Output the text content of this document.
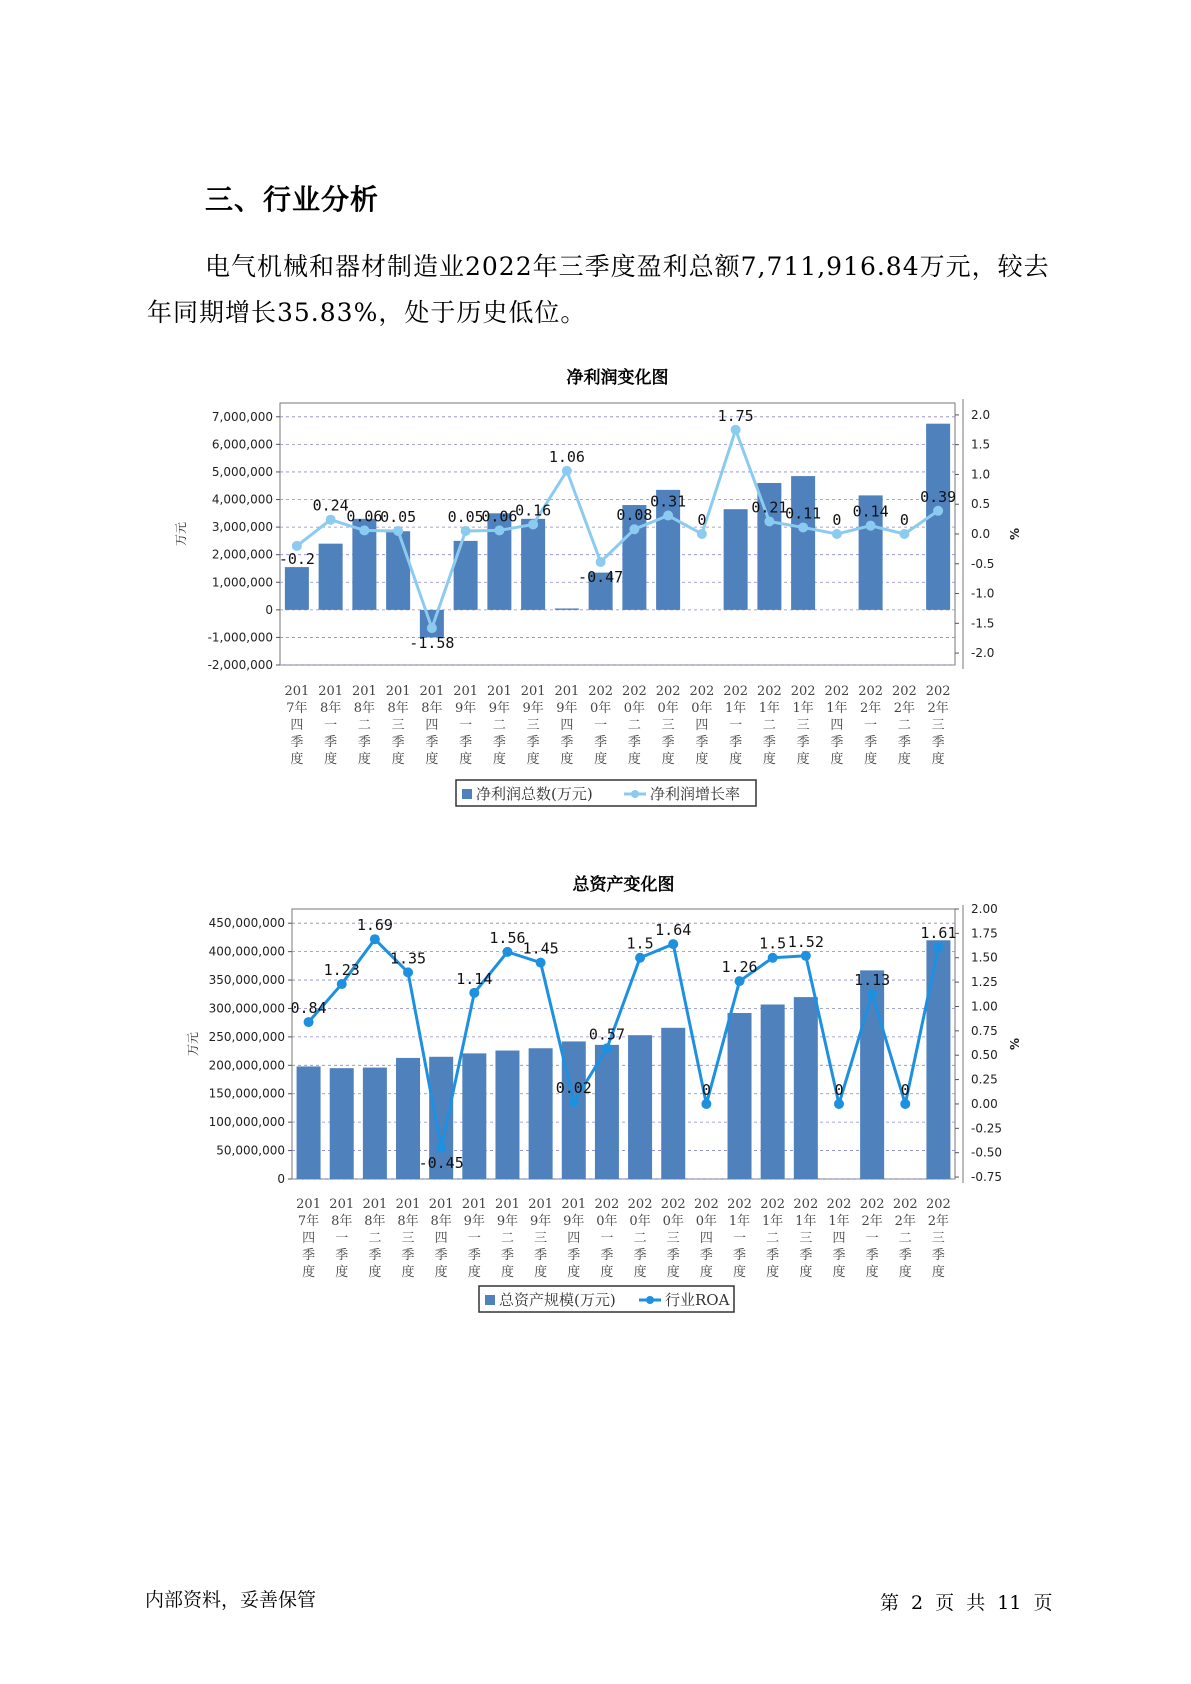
三、行业分析

电气机械和器材制造业2022年三季度盈利总额7,711,916.84万元，较去年同期增长35.83%，处于历史低位。

净利润变化图
-2,000,000
-1,000,000
0
1,000,000
2,000,000
3,000,000
4,000,000
5,000,000
6,000,000
7,000,000
-2.0
-1.5
-1.0
-0.5
0.0
0.5
1.0
1.5
2.0
万元	%
-0.2
0.24
0.06
0.05
-1.58
0.05
0.06
0.16
1.06
-0.47
0.08
0.31
0
1.75
0.21
0.11 0 0.14 0
0.39
201 7年四季度
201 8年一季度
201 8年二季度
201 8年三季度
201 8年四季度
201 9年一季度
201 9年二季度
201 9年三季度
201 9年四季度
202 0年一季度
202 0年二季度
202 0年三季度
202 0年四季度
202 1年一季度
202 1年二季度
202 1年三季度
202 1年四季度
202 2年一季度
202 2年二季度
202 2年三季度
净利润总数(万元)	净利润增长率
总资产变化图
0
50,000,000
100,000,000
150,000,000
200,000,000
250,000,000
300,000,000
350,000,000
400,000,000
450,000,000
-0.75
-0.50
-0.25
0.00
0.25
0.50
0.75
1.00
1.25
1.50
1.75
2.00
万元	%
0.84
1.23
1.69
1.35
-0.45
1.14
1.56
1.45
0.02
0.57
1.5
1.64
0
1.26
1.5 1.52
0
1.13
0
1.61
201 7年四季度
201 8年一季度
201 8年二季度
201 8年三季度
201 8年四季度
201 9年一季度
201 9年二季度
201 9年三季度
201 9年四季度
202 0年一季度
202 0年二季度
202 0年三季度
202 0年四季度
202 1年一季度
202 1年二季度
202 1年三季度
202 1年四季度
202 2年一季度
202 2年二季度
202 2年三季度
总资产规模(万元)	行业ROA
内部资料，妥善保管	第 2 页 共 11 页
